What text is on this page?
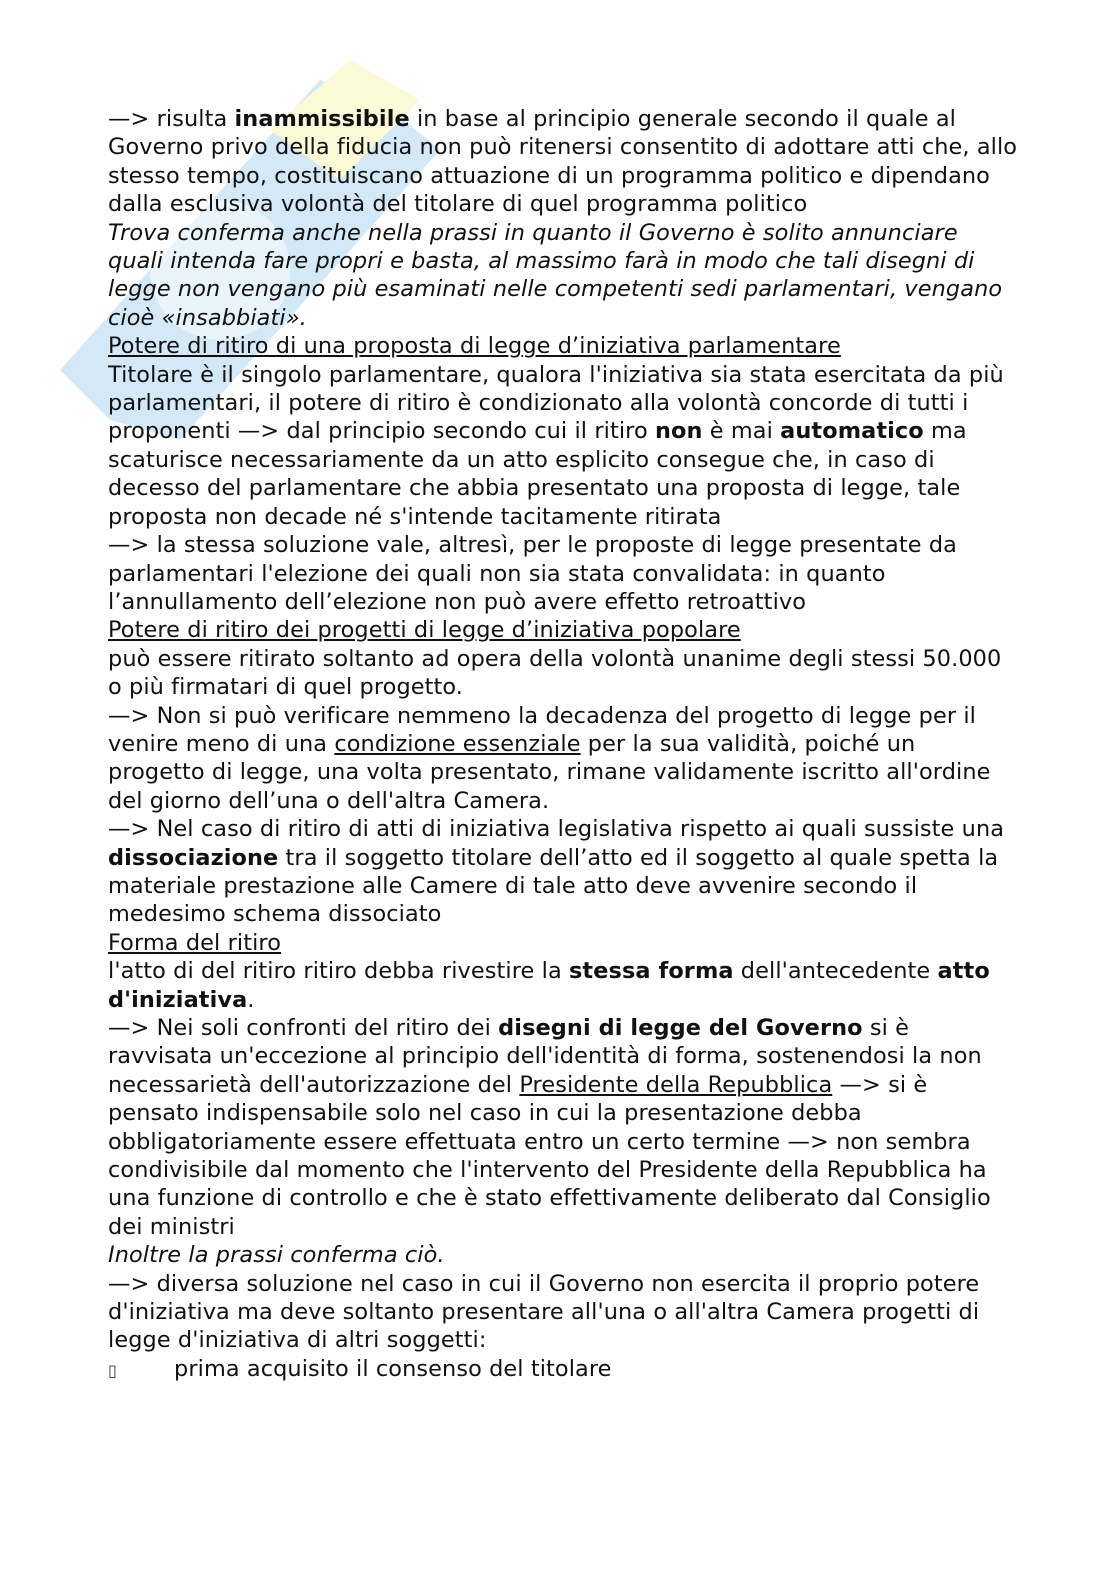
—> risulta inammissibile in base al principio generale secondo il quale al Governo privo della fiducia non può ritenersi consentito di adottare atti che, allo stesso tempo, costituiscano attuazione di un programma politico e dipendano dalla esclusiva volontà del titolare di quel programma politico

Trova conferma anche nella prassi in quanto il Governo è solito annunciare quali intenda fare propri e basta, al massimo farà in modo che tali disegni di legge non vengano più esaminati nelle competenti sedi parlamentari, vengano cioè «insabbiati».

Potere di ritiro di una proposta di legge d’iniziativa parlamentare

Titolare è il singolo parlamentare, qualora l'iniziativa sia stata esercitata da più parlamentari, il potere di ritiro è condizionato alla volontà concorde di tutti i proponenti —> dal principio secondo cui il ritiro non è mai automatico ma scaturisce necessariamente da un atto esplicito consegue che, in caso di decesso del parlamentare che abbia presentato una proposta di legge, tale proposta non decade né s'intende tacitamente ritirata

—> la stessa soluzione vale, altresì, per le proposte di legge presentate da parlamentari l'elezione dei quali non sia stata convalidata: in quanto l’annullamento dell’elezione non può avere effetto retroattivo

Potere di ritiro dei progetti di legge d’iniziativa popolare

può essere ritirato soltanto ad opera della volontà unanime degli stessi 50.000 o più firmatari di quel progetto.

—> Non si può verificare nemmeno la decadenza del progetto di legge per il venire meno di una condizione essenziale per la sua validità, poiché un progetto di legge, una volta presentato, rimane validamente iscritto all'ordine del giorno dell’una o dell'altra Camera.

—> Nel caso di ritiro di atti di iniziativa legislativa rispetto ai quali sussiste una dissociazione tra il soggetto titolare dell’atto ed il soggetto al quale spetta la materiale prestazione alle Camere di tale atto deve avvenire secondo il medesimo schema dissociato

Forma del ritiro

l'atto di del ritiro ritiro debba rivestire la stessa forma dell'antecedente atto d'iniziativa.

—> Nei soli confronti del ritiro dei disegni di legge del Governo si è ravvisata un'eccezione al principio dell'identità di forma, sostenendosi la non necessarietà dell'autorizzazione del Presidente della Repubblica —> si è pensato indispensabile solo nel caso in cui la presentazione debba obbligatoriamente essere effettuata entro un certo termine —> non sembra condivisibile dal momento che l'intervento del Presidente della Repubblica ha una funzione di controllo e che è stato effettivamente deliberato dal Consiglio dei ministri

Inoltre la prassi conferma ciò.

—> diversa soluzione nel caso in cui il Governo non esercita il proprio potere d'iniziativa ma deve soltanto presentare all'una o all'altra Camera progetti di legge d'iniziativa di altri soggetti:

▯	prima acquisito il consenso del titolare
